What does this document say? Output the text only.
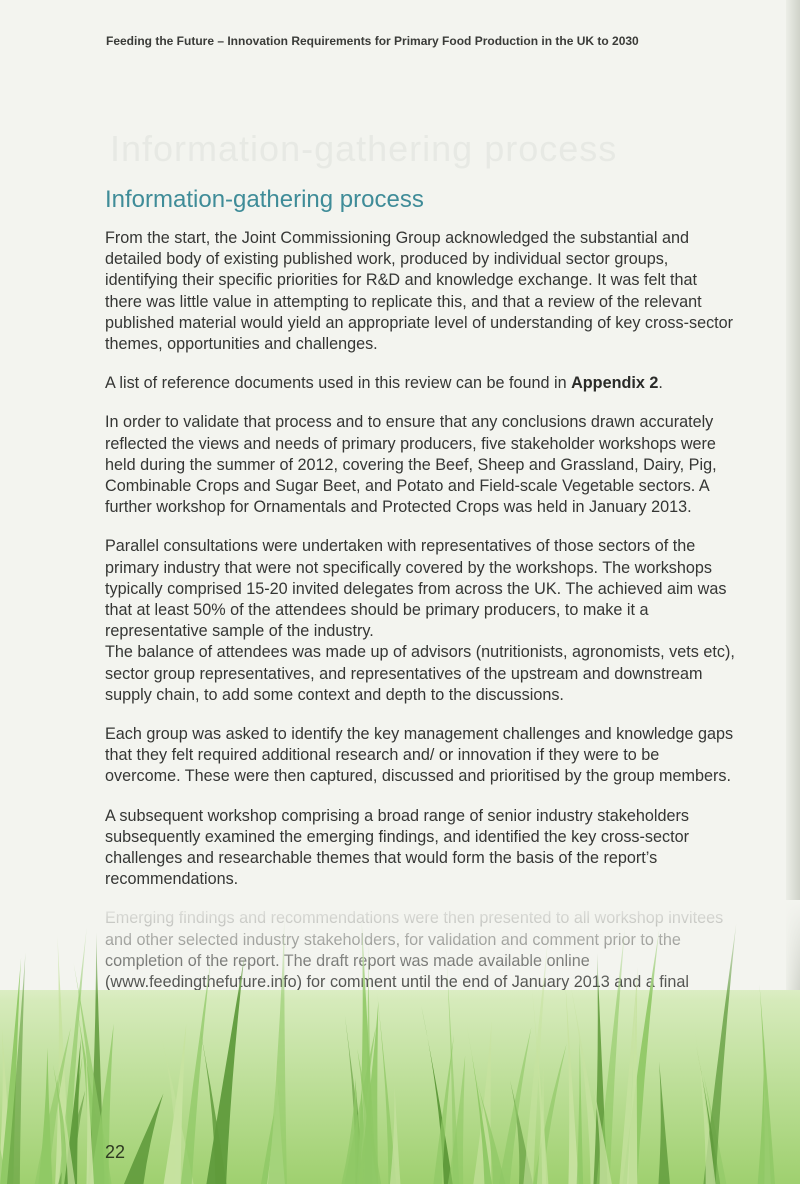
Feeding the Future – Innovation Requirements for Primary Food Production in the UK to 2030
Information-gathering process
Information-gathering process

From the start, the Joint Commissioning Group acknowledged the substantial and detailed body of existing published work, produced by individual sector groups, identifying their specific priorities for R&D and knowledge exchange. It was felt that there was little value in attempting to replicate this, and that a review of the relevant published material would yield an appropriate level of understanding of key cross-sector themes, opportunities and challenges.

A list of reference documents used in this review can be found in Appendix 2.

In order to validate that process and to ensure that any conclusions drawn accurately reflected the views and needs of primary producers, five stakeholder workshops were held during the summer of 2012, covering the Beef, Sheep and Grassland, Dairy, Pig, Combinable Crops and Sugar Beet, and Potato and Field-scale Vegetable sectors. A further workshop for Ornamentals and Protected Crops was held in January 2013.

Parallel consultations were undertaken with representatives of those sectors of the primary industry that were not specifically covered by the workshops. The workshops typically comprised 15-20 invited delegates from across the UK. The achieved aim was that at least 50% of the attendees should be primary producers, to make it a representative sample of the industry.

The balance of attendees was made up of advisors (nutritionists, agronomists, vets etc), sector group representatives, and representatives of the upstream and downstream supply chain, to add some context and depth to the discussions.

Each group was asked to identify the key management challenges and knowledge gaps that they felt required additional research and/ or innovation if they were to be overcome. These were then captured, discussed and prioritised by the group members.

A subsequent workshop comprising a broad range of senior industry stakeholders subsequently examined the emerging findings, and identified the key cross-sector challenges and researchable themes that would form the basis of the report’s recommendations.

22
